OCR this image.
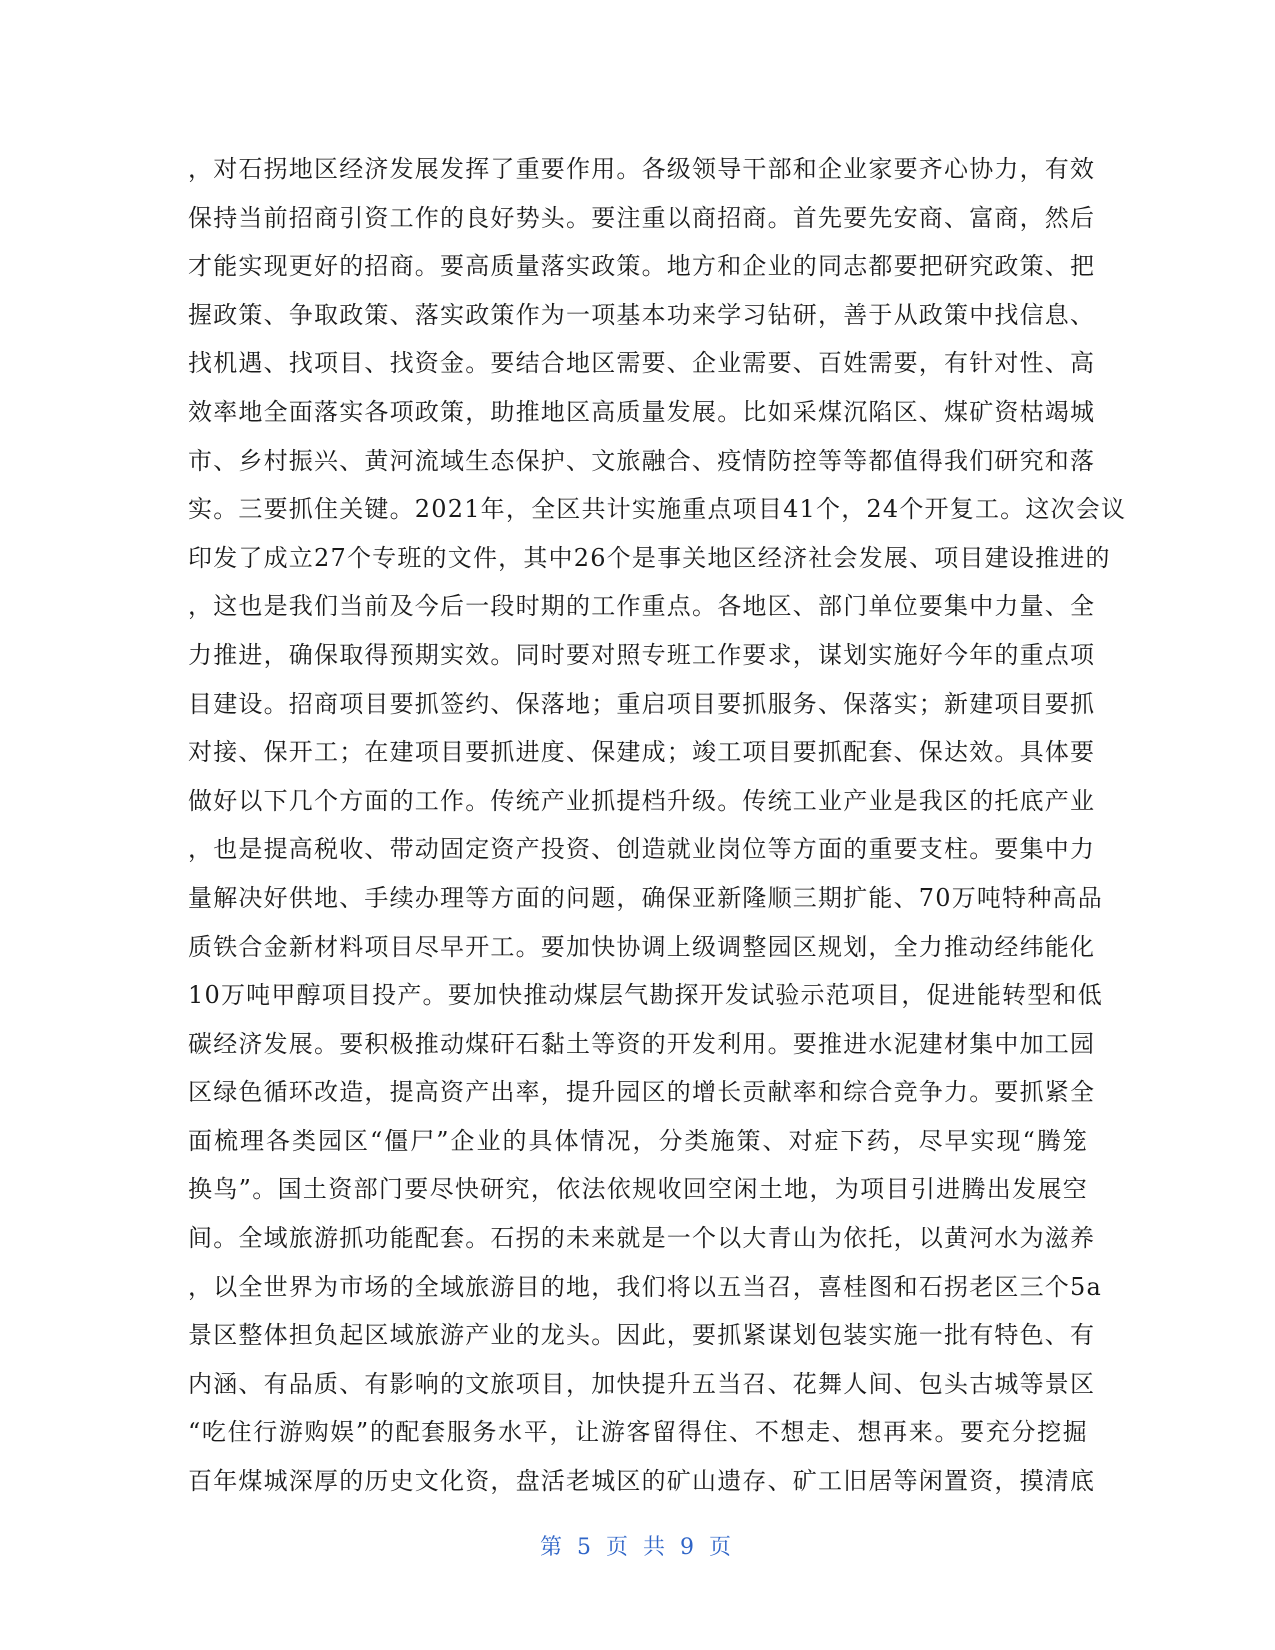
，对石拐地区经济发展发挥了重要作用。各级领导干部和企业家要齐心协力，有效
保持当前招商引资工作的良好势头。要注重以商招商。首先要先安商、富商，然后
才能实现更好的招商。要高质量落实政策。地方和企业的同志都要把研究政策、把
握政策、争取政策、落实政策作为一项基本功来学习钻研，善于从政策中找信息、
找机遇、找项目、找资金。要结合地区需要、企业需要、百姓需要，有针对性、高
效率地全面落实各项政策，助推地区高质量发展。比如采煤沉陷区、煤矿资枯竭城
市、乡村振兴、黄河流域生态保护、文旅融合、疫情防控等等都值得我们研究和落
实。三要抓住关键。2021年，全区共计实施重点项目41个，24个开复工。这次会议
印发了成立27个专班的文件，其中26个是事关地区经济社会发展、项目建设推进的
，这也是我们当前及今后一段时期的工作重点。各地区、部门单位要集中力量、全
力推进，确保取得预期实效。同时要对照专班工作要求，谋划实施好今年的重点项
目建设。招商项目要抓签约、保落地；重启项目要抓服务、保落实；新建项目要抓
对接、保开工；在建项目要抓进度、保建成；竣工项目要抓配套、保达效。具体要
做好以下几个方面的工作。传统产业抓提档升级。传统工业产业是我区的托底产业
，也是提高税收、带动固定资产投资、创造就业岗位等方面的重要支柱。要集中力
量解决好供地、手续办理等方面的问题，确保亚新隆顺三期扩能、70万吨特种高品
质铁合金新材料项目尽早开工。要加快协调上级调整园区规划，全力推动经纬能化
10万吨甲醇项目投产。要加快推动煤层气勘探开发试验示范项目，促进能转型和低
碳经济发展。要积极推动煤矸石黏土等资的开发利用。要推进水泥建材集中加工园
区绿色循环改造，提高资产出率，提升园区的增长贡献率和综合竞争力。要抓紧全
面梳理各类园区“僵尸”企业的具体情况，分类施策、对症下药，尽早实现“腾笼
换鸟”。国土资部门要尽快研究，依法依规收回空闲土地，为项目引进腾出发展空
间。全域旅游抓功能配套。石拐的未来就是一个以大青山为依托，以黄河水为滋养
，以全世界为市场的全域旅游目的地，我们将以五当召，喜桂图和石拐老区三个5a
景区整体担负起区域旅游产业的龙头。因此，要抓紧谋划包装实施一批有特色、有
内涵、有品质、有影响的文旅项目，加快提升五当召、花舞人间、包头古城等景区
“吃住行游购娱”的配套服务水平，让游客留得住、不想走、想再来。要充分挖掘
百年煤城深厚的历史文化资，盘活老城区的矿山遗存、矿工旧居等闲置资，摸清底
第 5 页 共 9 页
